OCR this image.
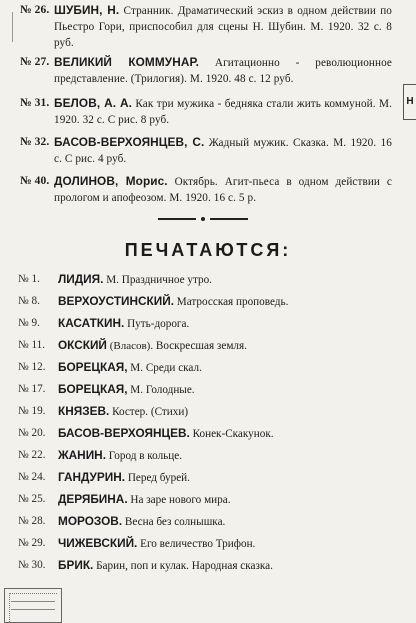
Н
№ 26. ШУБИН, Н. Странник. Драматический эскиз в одном действии по Пьестро Гори, приспособил для сцены Н. Шубин. М. 1920. 32 с. 8 руб.
№ 27. ВЕЛИКИЙ КОММУНАР. Агитационно - революционное представление. (Трилогия). М. 1920. 48 с. 12 руб.
№ 31. БЕЛОВ, А. А. Как три мужика - бедняка стали жить коммуной. М. 1920. 32 с. С рис. 8 руб.
№ 32. БАСОВ-ВЕРХОЯНЦЕВ, С. Жадный мужик. Сказка. М. 1920. 16 с. С рис. 4 руб.
№ 40. ДОЛИНОВ, Морис. Октябрь. Агит-пьеса в одном действии с прологом и апофеозом. М. 1920. 16 с. 5 р.
ПЕЧАТАЮТСЯ:
№ 1.	ЛИДИЯ. М. Праздничное утро.
№ 8.	ВЕРХОУСТИНСКИЙ. Матросская проповедь.
№ 9.	КАСАТКИН. Путь-дорога.
№ 11.	ОКСКИЙ (Власов). Воскресшая земля.
№ 12.	БОРЕЦКАЯ, М. Среди скал.
№ 17.	БОРЕЦКАЯ, М. Голодные.
№ 19.	КНЯЗЕВ. Костер. (Стихи)
№ 20.	БАСОВ-ВЕРХОЯНЦЕВ. Конек-Скакунок.
№ 22.	ЖАНИН. Город в кольце.
№ 24.	ГАНДУРИН. Перед бурей.
№ 25.	ДЕРЯБИНА. На заре нового мира.
№ 28.	МОРОЗОВ. Весна без солнышка.
№ 29.	ЧИЖЕВСКИЙ. Его величество Трифон.
№ 30.	БРИК. Барин, поп и кулак. Народная сказка.
